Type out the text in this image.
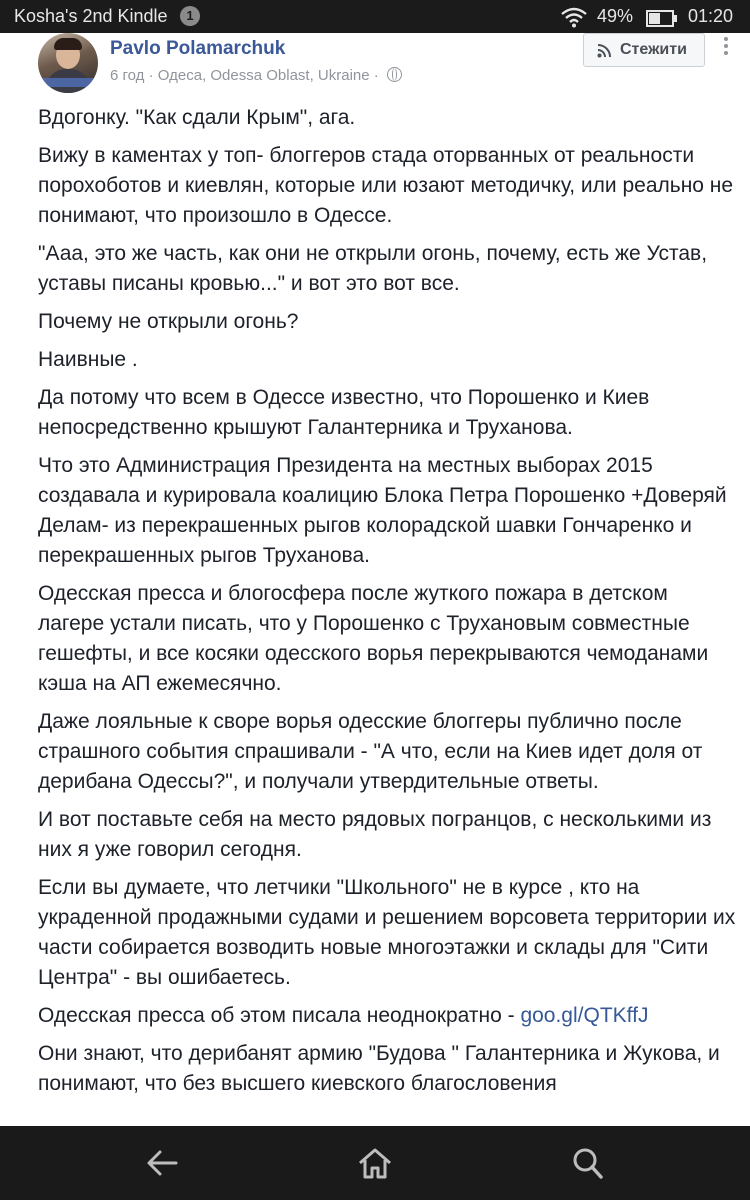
Kosha's 2nd Kindle	1	49%	01:20
Pavlo Polamarchuk
6 год · Одеса, Odessa Oblast, Ukraine ·
Стежити

Вдогонку. "Как сдали Крым", ага.

Вижу в каментах у топ- блоггеров стада оторванных от реальности порохоботов и киевлян, которые или юзают методичку, или реально не понимают, что произошло в Одессе.

"Ааа, это же часть, как они не открыли огонь, почему, есть же Устав, уставы писаны кровью..." и вот это вот все.

Почему не открыли огонь?

Наивные .

Да потому что всем в Одессе известно, что Порошенко и Киев непосредственно крышуют Галантерника и Труханова.

Что это Администрация Президента на местных выборах 2015 создавала и курировала коалицию Блока Петра Порошенко +Доверяй Делам- из перекрашенных рыгов колорадской шавки Гончаренко и перекрашенных рыгов Труханова.

Одесская пресса и блогосфера после жуткого пожара в детском лагере устали писать, что у Порошенко с Трухановым совместные гешефты, и все косяки одесского ворья перекрываются чемоданами кэша на АП ежемесячно.

Даже лояльные к своре ворья одесские блоггеры публично после страшного события спрашивали - "А что, если на Киев идет доля от дерибана Одессы?", и получали утвердительные ответы.

И вот поставьте себя на место рядовых погранцов, с несколькими из них я уже говорил сегодня.

Если вы думаете, что летчики "Школьного" не в курсе , кто на украденной продажными судами и решением ворсовета территории их части собирается возводить новые многоэтажки и склады для "Сити Центра" - вы ошибаетесь.

Одесская пресса об этом писала неоднократно - goo.gl/QTKffJ

Они знают, что дерибанят армию "Будова " Галантерника и Жукова, и понимают, что без высшего киевского благословения
